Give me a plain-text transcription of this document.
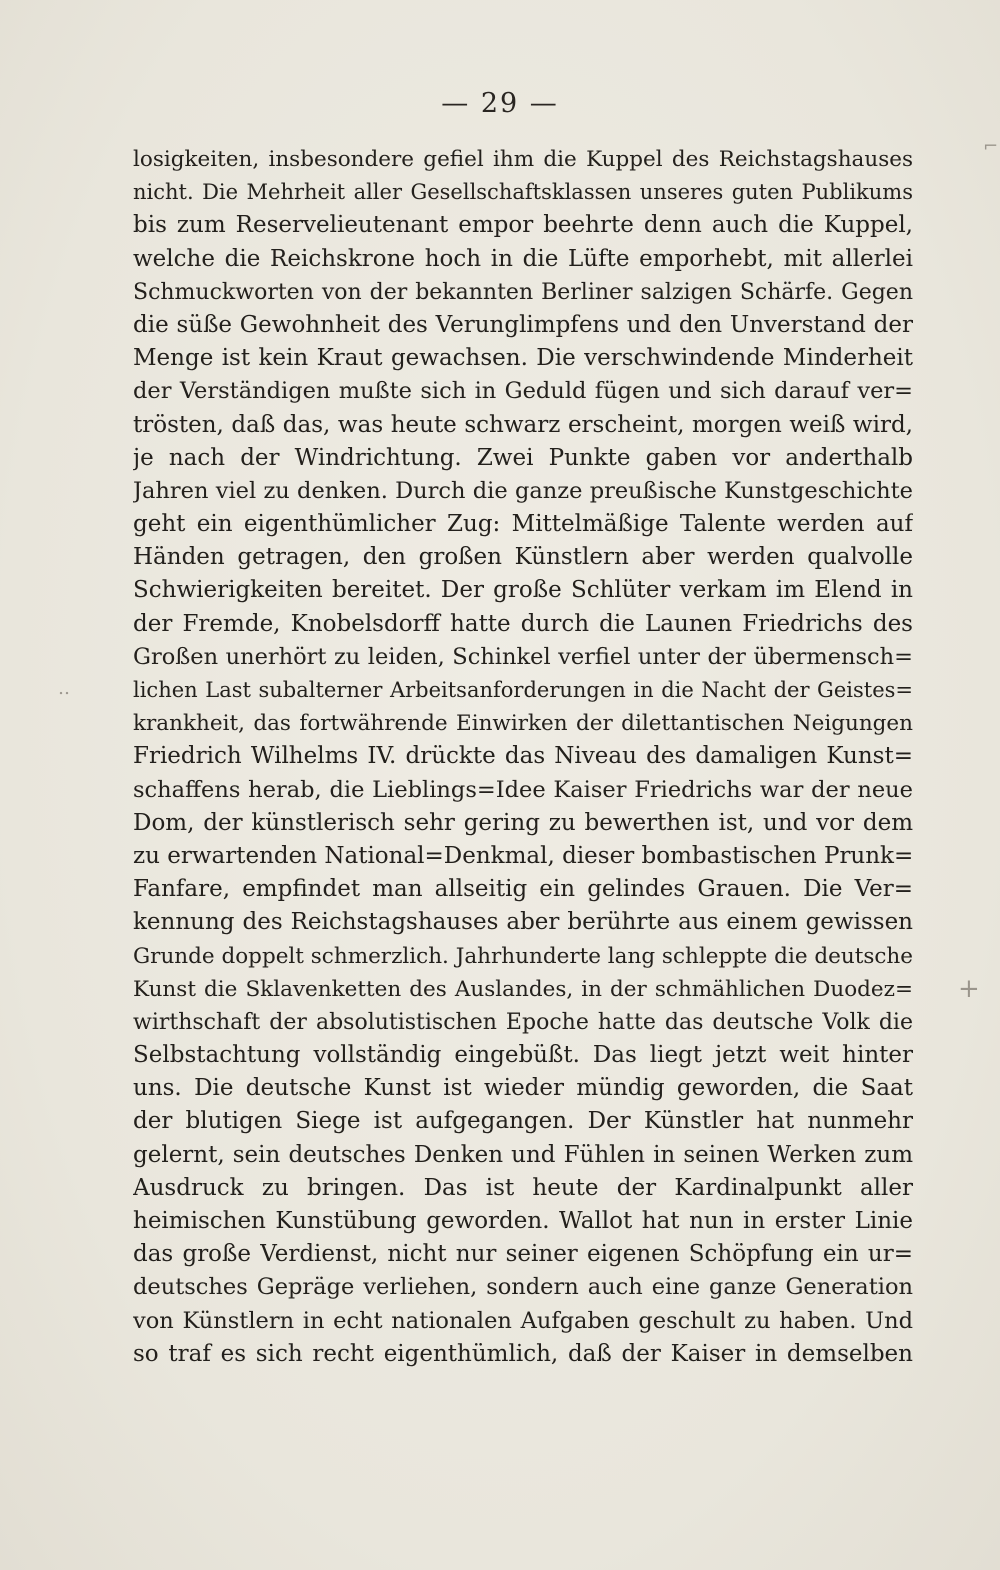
— 29 —
losigkeiten, insbesondere gefiel ihm die Kuppel des Reichstagshauses
nicht. Die Mehrheit aller Gesellschaftsklassen unseres guten Publikums
bis zum Reservelieutenant empor beehrte denn auch die Kuppel,
welche die Reichskrone hoch in die Lüfte emporhebt, mit allerlei
Schmuckworten von der bekannten Berliner salzigen Schärfe. Gegen
die süße Gewohnheit des Verunglimpfens und den Unverstand der
Menge ist kein Kraut gewachsen. Die verschwindende Minderheit
der Verständigen mußte sich in Geduld fügen und sich darauf ver=
trösten, daß das, was heute schwarz erscheint, morgen weiß wird,
je nach der Windrichtung. Zwei Punkte gaben vor anderthalb
Jahren viel zu denken. Durch die ganze preußische Kunstgeschichte
geht ein eigenthümlicher Zug: Mittelmäßige Talente werden auf
Händen getragen, den großen Künstlern aber werden qualvolle
Schwierigkeiten bereitet. Der große Schlüter verkam im Elend in
der Fremde, Knobelsdorff hatte durch die Launen Friedrichs des
Großen unerhört zu leiden, Schinkel verfiel unter der übermensch=
lichen Last subalterner Arbeitsanforderungen in die Nacht der Geistes=
krankheit, das fortwährende Einwirken der dilettantischen Neigungen
Friedrich Wilhelms IV. drückte das Niveau des damaligen Kunst=
schaffens herab, die Lieblings=Idee Kaiser Friedrichs war der neue
Dom, der künstlerisch sehr gering zu bewerthen ist, und vor dem
zu erwartenden National=Denkmal, dieser bombastischen Prunk=
Fanfare, empfindet man allseitig ein gelindes Grauen. Die Ver=
kennung des Reichstagshauses aber berührte aus einem gewissen
Grunde doppelt schmerzlich. Jahrhunderte lang schleppte die deutsche
Kunst die Sklavenketten des Auslandes, in der schmählichen Duodez=
wirthschaft der absolutistischen Epoche hatte das deutsche Volk die
Selbstachtung vollständig eingebüßt. Das liegt jetzt weit hinter
uns. Die deutsche Kunst ist wieder mündig geworden, die Saat
der blutigen Siege ist aufgegangen. Der Künstler hat nunmehr
gelernt, sein deutsches Denken und Fühlen in seinen Werken zum
Ausdruck zu bringen. Das ist heute der Kardinalpunkt aller
heimischen Kunstübung geworden. Wallot hat nun in erster Linie
das große Verdienst, nicht nur seiner eigenen Schöpfung ein ur=
deutsches Gepräge verliehen, sondern auch eine ganze Generation
von Künstlern in echt nationalen Aufgaben geschult zu haben. Und
so traf es sich recht eigenthümlich, daß der Kaiser in demselben
⌐
‥
+
